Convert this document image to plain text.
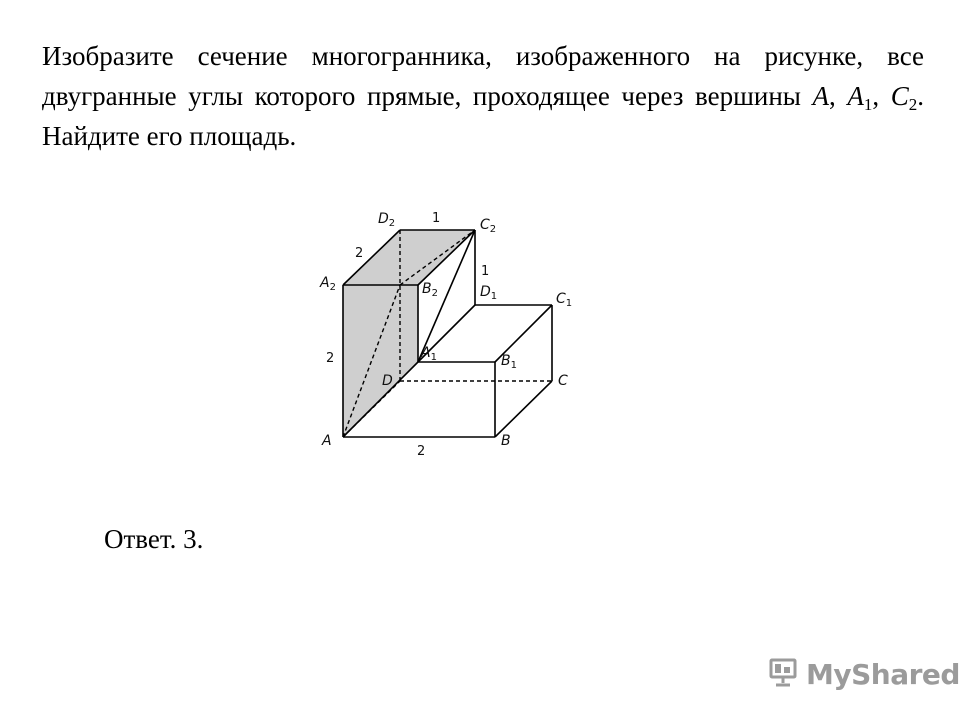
Изобразите сечение многогранника, изображенного на рисунке, все двугранные углы которого прямые, проходящее через вершины A, $A_1$, $C_2$. Найдите его площадь.

A	B
C
D
$A_1$	$B_1$
$C_1$
$D_1$
$A_2$	$B_2$
$C_2$
$D_2$	1
2
1
2
2

Ответ. 3.

MyShared
